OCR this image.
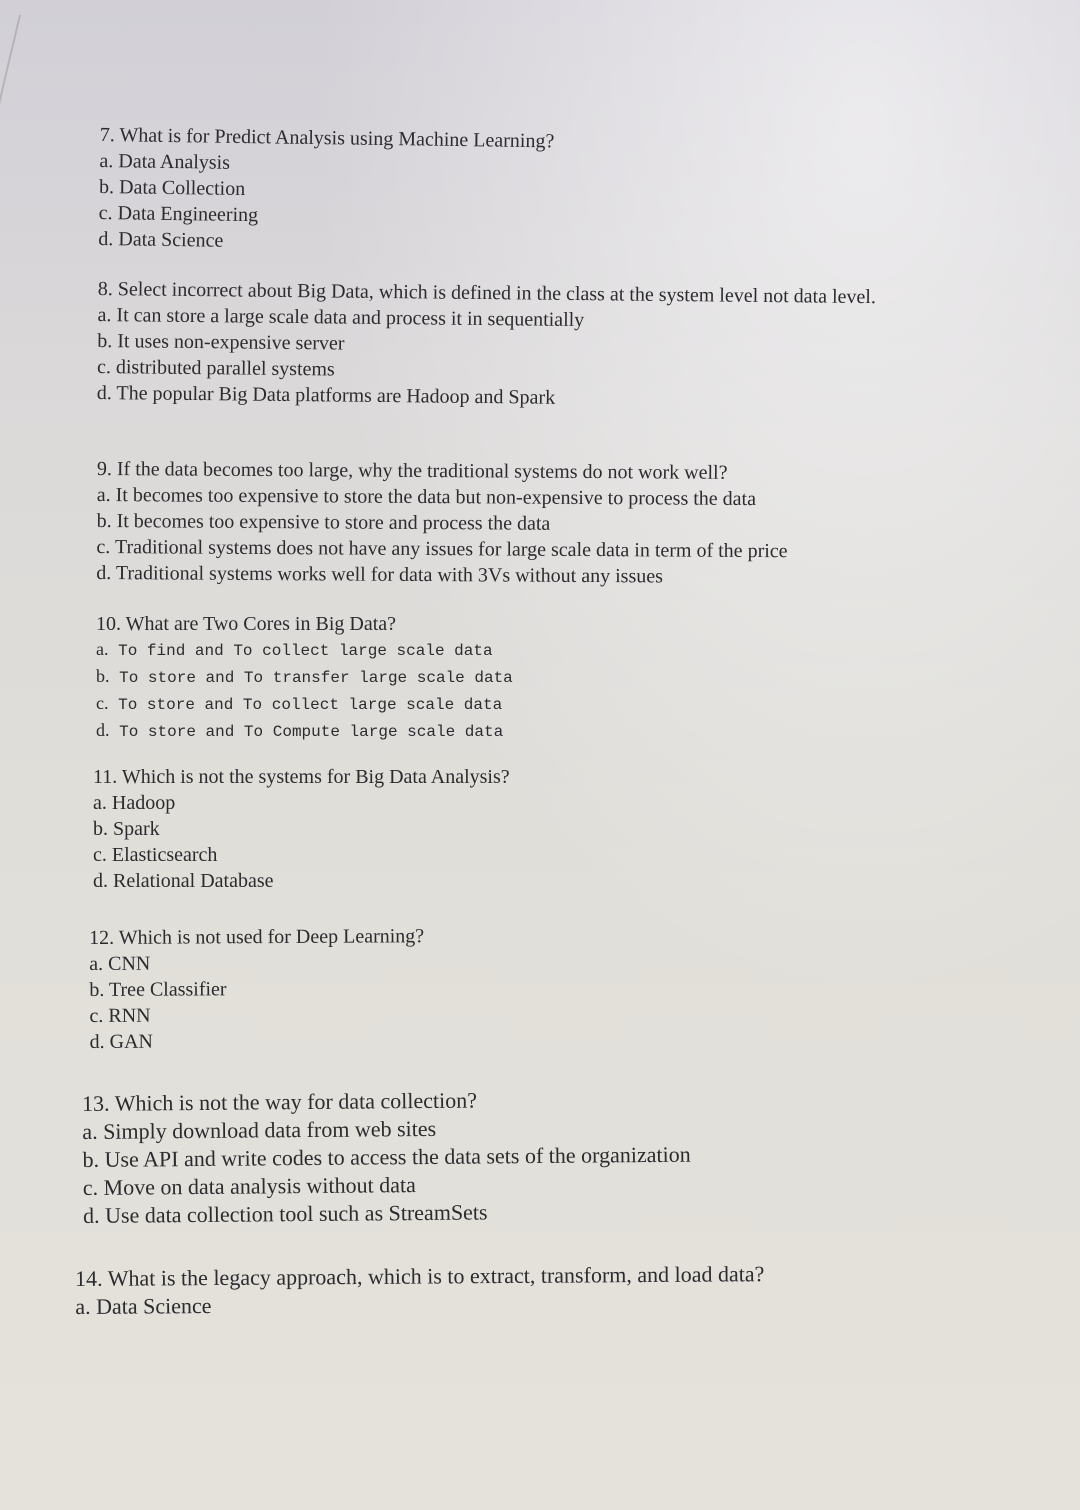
7. What is for Predict Analysis using Machine Learning?
a. Data Analysis
b. Data Collection
c. Data Engineering
d. Data Science
8. Select incorrect about Big Data, which is defined in the class at the system level not data level.
a. It can store a large scale data and process it in sequentially
b. It uses non-expensive server
c. distributed parallel systems
d. The popular Big Data platforms are Hadoop and Spark
9. If the data becomes too large, why the traditional systems do not work well?
a. It becomes too expensive to store the data but non-expensive to process the data
b. It becomes too expensive to store and process the data
c. Traditional systems does not have any issues for large scale data in term of the price
d. Traditional systems works well for data with 3Vs without any issues
10. What are Two Cores in Big Data?
a. To find and To collect large scale data
b. To store and To transfer large scale data
c. To store and To collect large scale data
d. To store and To Compute large scale data
11. Which is not the systems for Big Data Analysis?
a. Hadoop
b. Spark
c. Elasticsearch
d. Relational Database
12. Which is not used for Deep Learning?
a. CNN
b. Tree Classifier
c. RNN
d. GAN
13. Which is not the way for data collection?
a. Simply download data from web sites
b. Use API and write codes to access the data sets of the organization
c. Move on data analysis without data
d. Use data collection tool such as StreamSets
14. What is the legacy approach, which is to extract, transform, and load data?
a. Data Science
